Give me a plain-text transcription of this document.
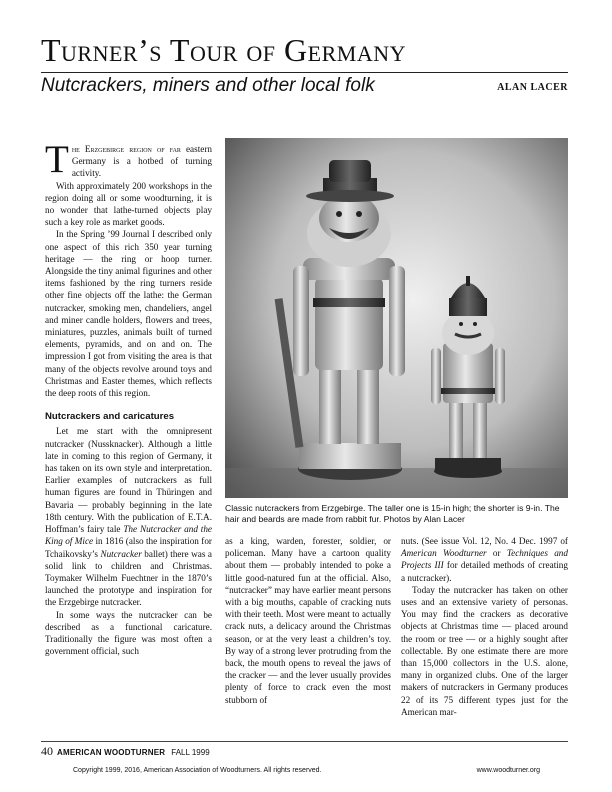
Turner’s Tour of Germany
Nutcrackers, miners and other local folk	ALAN LACER

The Erzgebirge region of far eastern Germany is a hotbed of turning activity.

With approximately 200 workshops in the region doing all or some woodturning, it is no wonder that lathe-turned objects play such a key role as market goods.

In the Spring ’99 Journal I described only one aspect of this rich 350 year turning heritage — the ring or hoop turner. Alongside the tiny animal figurines and other items fashioned by the ring turners reside other fine objects off the lathe: the German nutcracker, smoking men, chandeliers, angel and miner candle holders, flowers and trees, miniatures, puzzles, animals built of turned elements, pyramids, and on and on. The impression I got from visiting the area is that many of the objects revolve around toys and Christmas and Easter themes, which reflects the deep roots of this region.

Nutcrackers and caricatures

Let me start with the omnipresent nutcracker (Nussknacker). Although a little late in coming to this region of Germany, it has taken on its own style and interpretation. Earlier examples of nutcrackers as full human figures are found in Thüringen and Bavaria — probably beginning in the late 18th century. With the publication of E.T.A. Hoffman’s fairy tale The Nutcracker and the King of Mice in 1816 (also the inspiration for Tchaikovsky’s Nutcracker ballet) there was a solid link to children and Christmas. Toymaker Wilhelm Fuechtner in the 1870’s launched the prototype and inspiration for the Erzgebirge nutcracker.

In some ways the nutcracker can be described as a functional caricature. Traditionally the figure was most often a government official, such

Classic nutcrackers from Erzgebirge. The taller one is 15-in high; the shorter is 9-in. The hair and beards are made from rabbit fur. Photos by Alan Lacer

as a king, warden, forester, soldier, or policeman. Many have a cartoon quality about them — probably intended to poke a little good-natured fun at the official. Also, “nutcracker” may have earlier meant persons with a big mouths, capable of cracking nuts with their teeth. Most were meant to actually crack nuts, a delicacy around the Christmas season, or at the very least a children’s toy. By way of a strong lever protruding from the back, the mouth opens to reveal the jaws of the cracker — and the lever usually provides plenty of force to crack even the most stubborn of

nuts. (See issue Vol. 12, No. 4 Dec. 1997 of American Woodturner or Techniques and Projects III for detailed methods of creating a nutcracker).

Today the nutcracker has taken on other uses and an extensive variety of personas. You may find the crackers as decorative objects at Christmas time — placed around the room or tree — or a highly sought after collectable. By one estimate there are more than 15,000 collectors in the U.S. alone, many in organized clubs. One of the larger makers of nutcrackers in Germany produces 22 of its 75 different types just for the American mar-

40 AMERICAN WOODTURNER FALL 1999
Copyright 1999, 2016, American Association of Woodturners. All rights reserved.	www.woodturner.org
